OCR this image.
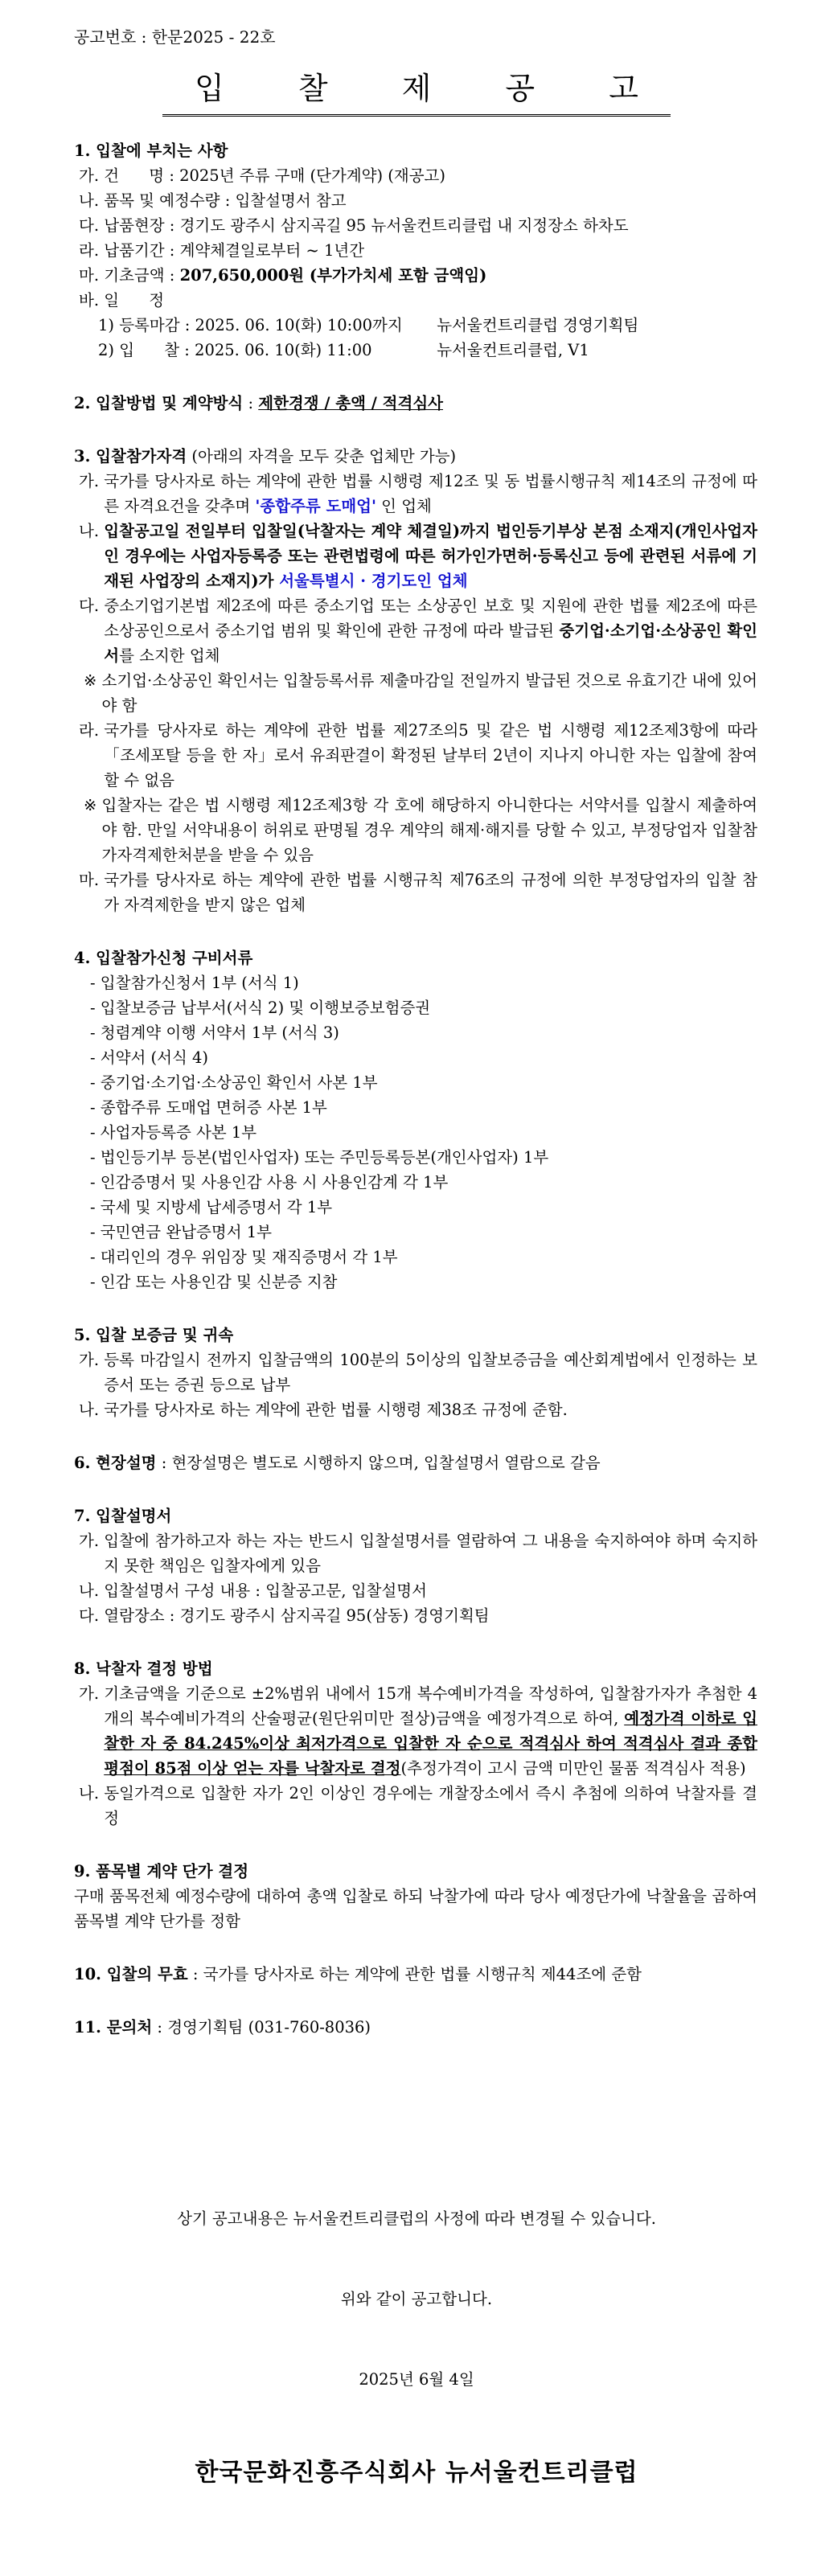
공고번호 : 한문2025 - 22호
입 찰 제 공 고
1. 입찰에 부치는 사항
가.
건      명 : 2025년 주류 구매 (단가계약) (재공고)
나.
품목 및 예정수량 : 입찰설명서 참고
다.
납품현장 : 경기도 광주시 삼지곡길 95 뉴서울컨트리클럽 내 지정장소 하차도
라.
납품기간 : 계약체결일로부터 ~ 1년간
마.
기초금액 : 207,650,000원 (부가가치세 포함 금액임)
바.
일      정
1)
등록마감 : 2025. 06. 10(화) 10:00까지	뉴서울컨트리클럽 경영기획팀
2)
입      찰 : 2025. 06. 10(화) 11:00	뉴서울컨트리클럽, V1
2. 입찰방법 및 계약방식 : 제한경쟁 / 총액 / 적격심사
3. 입찰참가자격 (아래의 자격을 모두 갖춘 업체만 가능)
가.
국가를 당사자로 하는 계약에 관한 법률 시행령 제12조 및 동 법률시행규칙 제14조의 규정에 따른 자격요건을 갖추며 '종합주류 도매업' 인 업체
나.
입찰공고일 전일부터 입찰일(낙찰자는 계약 체결일)까지 법인등기부상 본점 소재지(개인사업자인 경우에는 사업자등록증 또는 관련법령에 따른 허가인가면허·등록신고 등에 관련된 서류에 기재된 사업장의 소재지)가 서울특별시 · 경기도인 업체
다.
중소기업기본법 제2조에 따른 중소기업 또는 소상공인 보호 및 지원에 관한 법률 제2조에 따른 소상공인으로서 중소기업 범위 및 확인에 관한 규정에 따라 발급된 중기업·소기업·소상공인 확인서를 소지한 업체
※
소기업·소상공인 확인서는 입찰등록서류 제출마감일 전일까지 발급된 것으로 유효기간 내에 있어야 함
라.
국가를 당사자로 하는 계약에 관한 법률 제27조의5 및 같은 법 시행령 제12조제3항에 따라 「조세포탈 등을 한 자」로서 유죄판결이 확정된 날부터 2년이 지나지 아니한 자는 입찰에 참여할 수 없음
※
입찰자는 같은 법 시행령 제12조제3항 각 호에 해당하지 아니한다는 서약서를 입찰시 제출하여야 함. 만일 서약내용이 허위로 판명될 경우 계약의 해제·해지를 당할 수 있고, 부정당업자 입찰참가자격제한처분을 받을 수 있음
마.
국가를 당사자로 하는 계약에 관한 법률 시행규칙 제76조의 규정에 의한 부정당업자의 입찰 참가 자격제한을 받지 않은 업체
4. 입찰참가신청 구비서류
- 입찰참가신청서 1부 (서식 1)
- 입찰보증금 납부서(서식 2) 및 이행보증보험증권
- 청렴계약 이행 서약서 1부 (서식 3)
- 서약서 (서식 4)
- 중기업·소기업·소상공인 확인서 사본 1부
- 종합주류 도매업 면허증 사본 1부
- 사업자등록증 사본 1부
- 법인등기부 등본(법인사업자) 또는 주민등록등본(개인사업자) 1부
- 인감증명서 및 사용인감 사용 시 사용인감계 각 1부
- 국세 및 지방세 납세증명서 각 1부
- 국민연금 완납증명서 1부
- 대리인의 경우 위임장 및 재직증명서 각 1부
- 인감 또는 사용인감 및 신분증 지참
5. 입찰 보증금 및 귀속
가.
등록 마감일시 전까지 입찰금액의 100분의 5이상의 입찰보증금을 예산회계법에서 인정하는 보증서 또는 증권 등으로 납부
나.
국가를 당사자로 하는 계약에 관한 법률 시행령 제38조 규정에 준함.
6. 현장설명 : 현장설명은 별도로 시행하지 않으며, 입찰설명서 열람으로 갈음
7. 입찰설명서
가.
입찰에 참가하고자 하는 자는 반드시 입찰설명서를 열람하여 그 내용을 숙지하여야 하며 숙지하지 못한 책임은 입찰자에게 있음
나.
입찰설명서 구성 내용 : 입찰공고문, 입찰설명서
다.
열람장소 : 경기도 광주시 삼지곡길 95(삼동) 경영기획팀
8. 낙찰자 결정 방법
가.
기초금액을 기준으로 ±2%범위 내에서 15개 복수예비가격을 작성하여, 입찰참가자가 추첨한 4개의 복수예비가격의 산술평균(원단위미만 절상)금액을 예정가격으로 하여, 예정가격 이하로 입찰한 자 중 84.245%이상 최저가격으로 입찰한 자 순으로 적격심사 하여 적격심사 결과 종합평점이 85점 이상 얻는 자를 낙찰자로 결정(추정가격이 고시 금액 미만인 물품 적격심사 적용)
나.
동일가격으로 입찰한 자가 2인 이상인 경우에는 개찰장소에서 즉시 추첨에 의하여 낙찰자를 결정
9. 품목별 계약 단가 결정
구매 품목전체 예정수량에 대하여 총액 입찰로 하되 낙찰가에 따라 당사 예정단가에 낙찰율을 곱하여 품목별 계약 단가를 정함
10. 입찰의 무효 : 국가를 당사자로 하는 계약에 관한 법률 시행규칙 제44조에 준함
11. 문의처 : 경영기획팀 (031-760-8036)
상기 공고내용은 뉴서울컨트리클럽의 사정에 따라 변경될 수 있습니다.
위와 같이 공고합니다.
2025년 6월 4일
한국문화진흥주식회사 뉴서울컨트리클럽
